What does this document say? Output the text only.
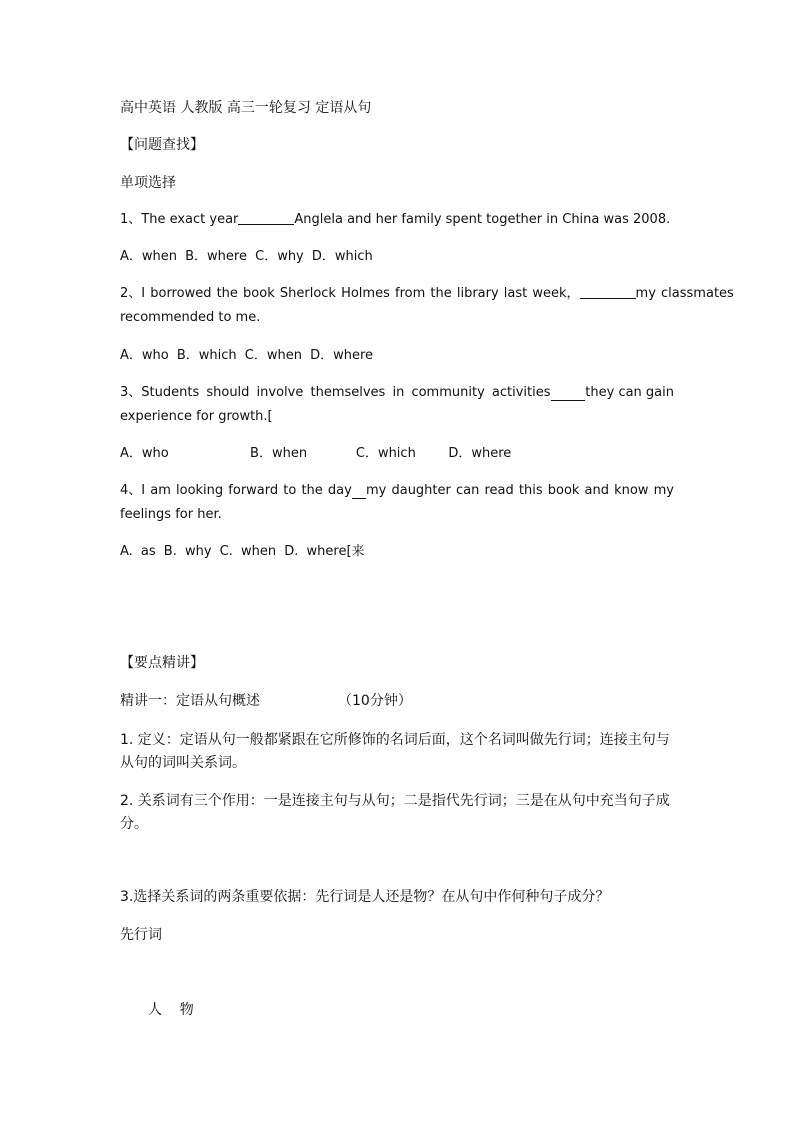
高中英语 人教版 高三一轮复习 定语从句
【问题查找】
单项选择
1、The exact year	Anglela and her family spent together in China was 2008.
A．when B．where C．why D．which
2、I borrowed the book Sherlock Holmes from the library last week，	my classmates
recommended to me.
A．who B．which C．when D．where
3、Students should involve themselves in community activities	they can gain
experience for growth.[
A．who          B．when      C．which    D．where
4、I am looking forward to the day my daughter can read this book and know my
feelings for her.
A. as B. why C. when D. where[来
【要点精讲】
精讲一：定语从句概述	（10分钟）
1. 定义：定语从句一般都紧跟在它所修饰的名词后面，这个名词叫做先行词；连接主句与
从句的词叫关系词。
2. 关系词有三个作用：一是连接主句与从句；二是指代先行词；三是在从句中充当句子成
分。
3.选择关系词的两条重要依据：先行词是人还是物？在从句中作何种句子成分？
先行词
人    物
